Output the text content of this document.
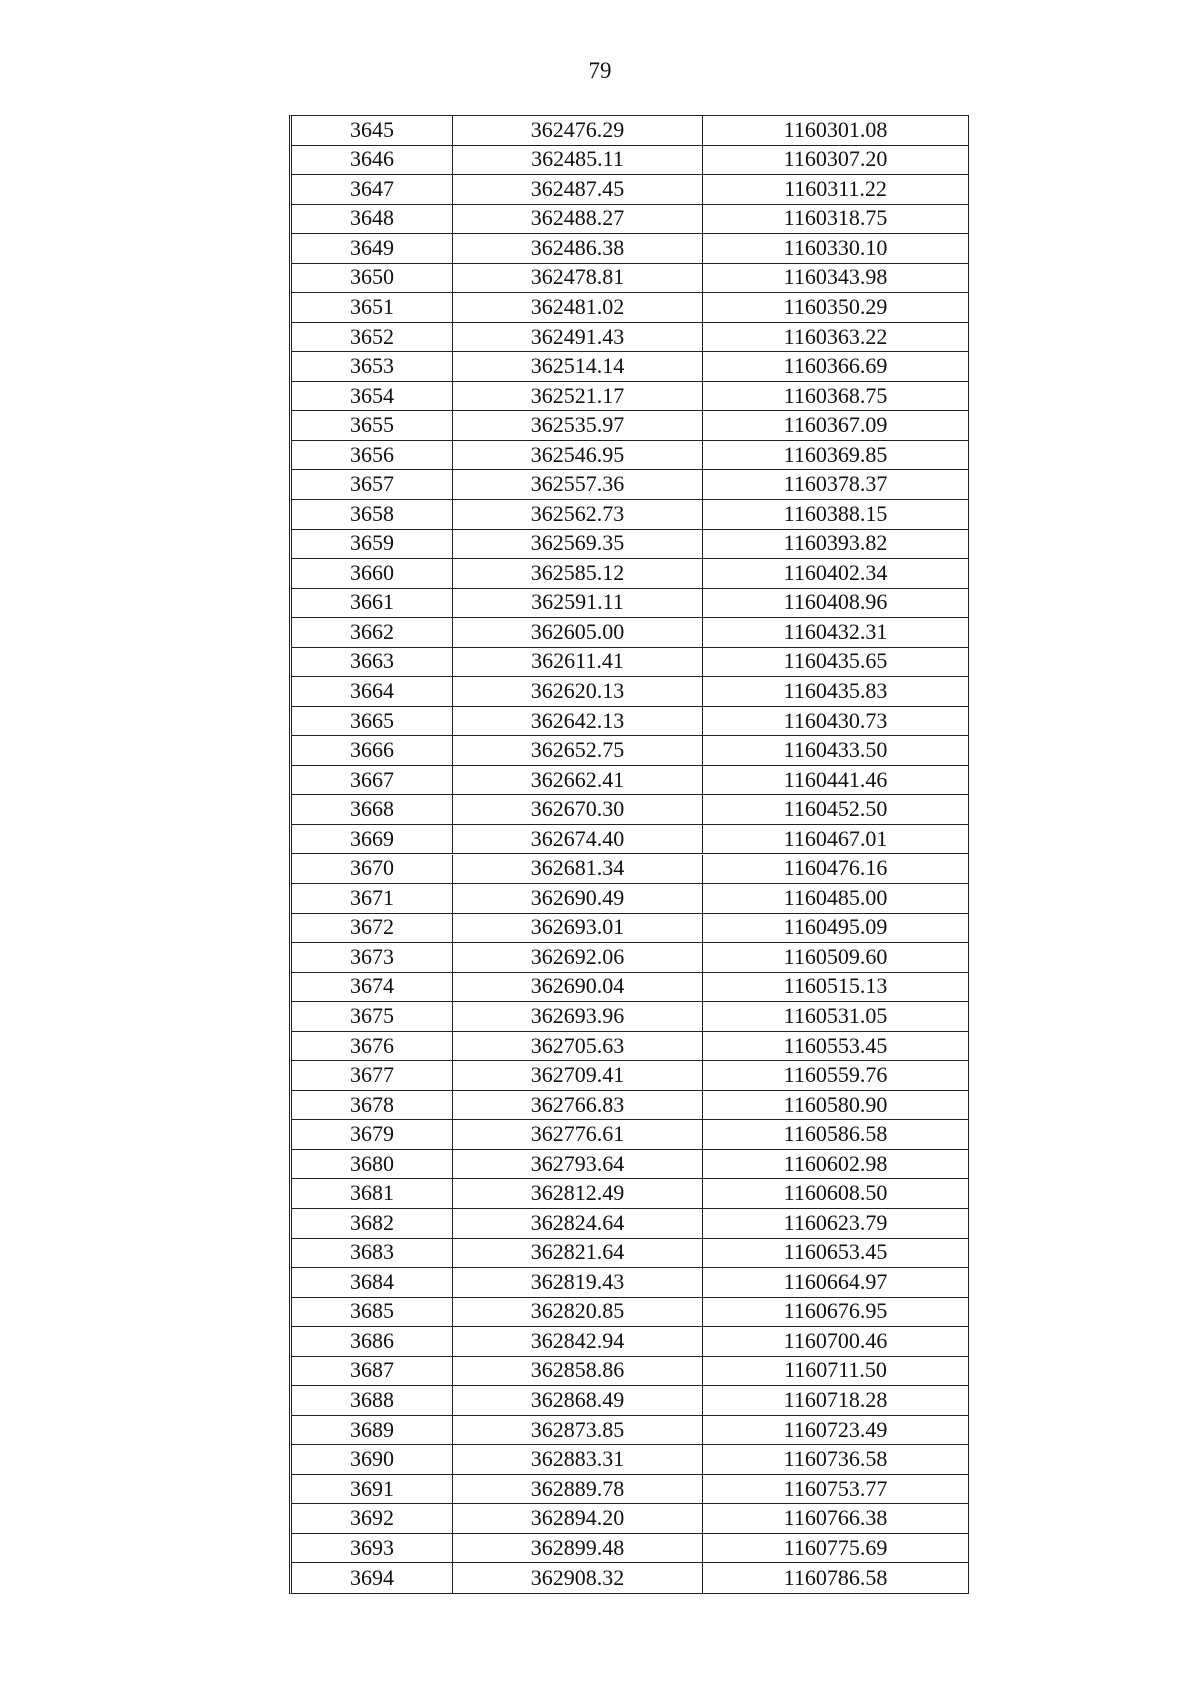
79
3645	362476.29	1160301.08
3646	362485.11	1160307.20
3647	362487.45	1160311.22
3648	362488.27	1160318.75
3649	362486.38	1160330.10
3650	362478.81	1160343.98
3651	362481.02	1160350.29
3652	362491.43	1160363.22
3653	362514.14	1160366.69
3654	362521.17	1160368.75
3655	362535.97	1160367.09
3656	362546.95	1160369.85
3657	362557.36	1160378.37
3658	362562.73	1160388.15
3659	362569.35	1160393.82
3660	362585.12	1160402.34
3661	362591.11	1160408.96
3662	362605.00	1160432.31
3663	362611.41	1160435.65
3664	362620.13	1160435.83
3665	362642.13	1160430.73
3666	362652.75	1160433.50
3667	362662.41	1160441.46
3668	362670.30	1160452.50
3669	362674.40	1160467.01
3670	362681.34	1160476.16
3671	362690.49	1160485.00
3672	362693.01	1160495.09
3673	362692.06	1160509.60
3674	362690.04	1160515.13
3675	362693.96	1160531.05
3676	362705.63	1160553.45
3677	362709.41	1160559.76
3678	362766.83	1160580.90
3679	362776.61	1160586.58
3680	362793.64	1160602.98
3681	362812.49	1160608.50
3682	362824.64	1160623.79
3683	362821.64	1160653.45
3684	362819.43	1160664.97
3685	362820.85	1160676.95
3686	362842.94	1160700.46
3687	362858.86	1160711.50
3688	362868.49	1160718.28
3689	362873.85	1160723.49
3690	362883.31	1160736.58
3691	362889.78	1160753.77
3692	362894.20	1160766.38
3693	362899.48	1160775.69
3694	362908.32	1160786.58
